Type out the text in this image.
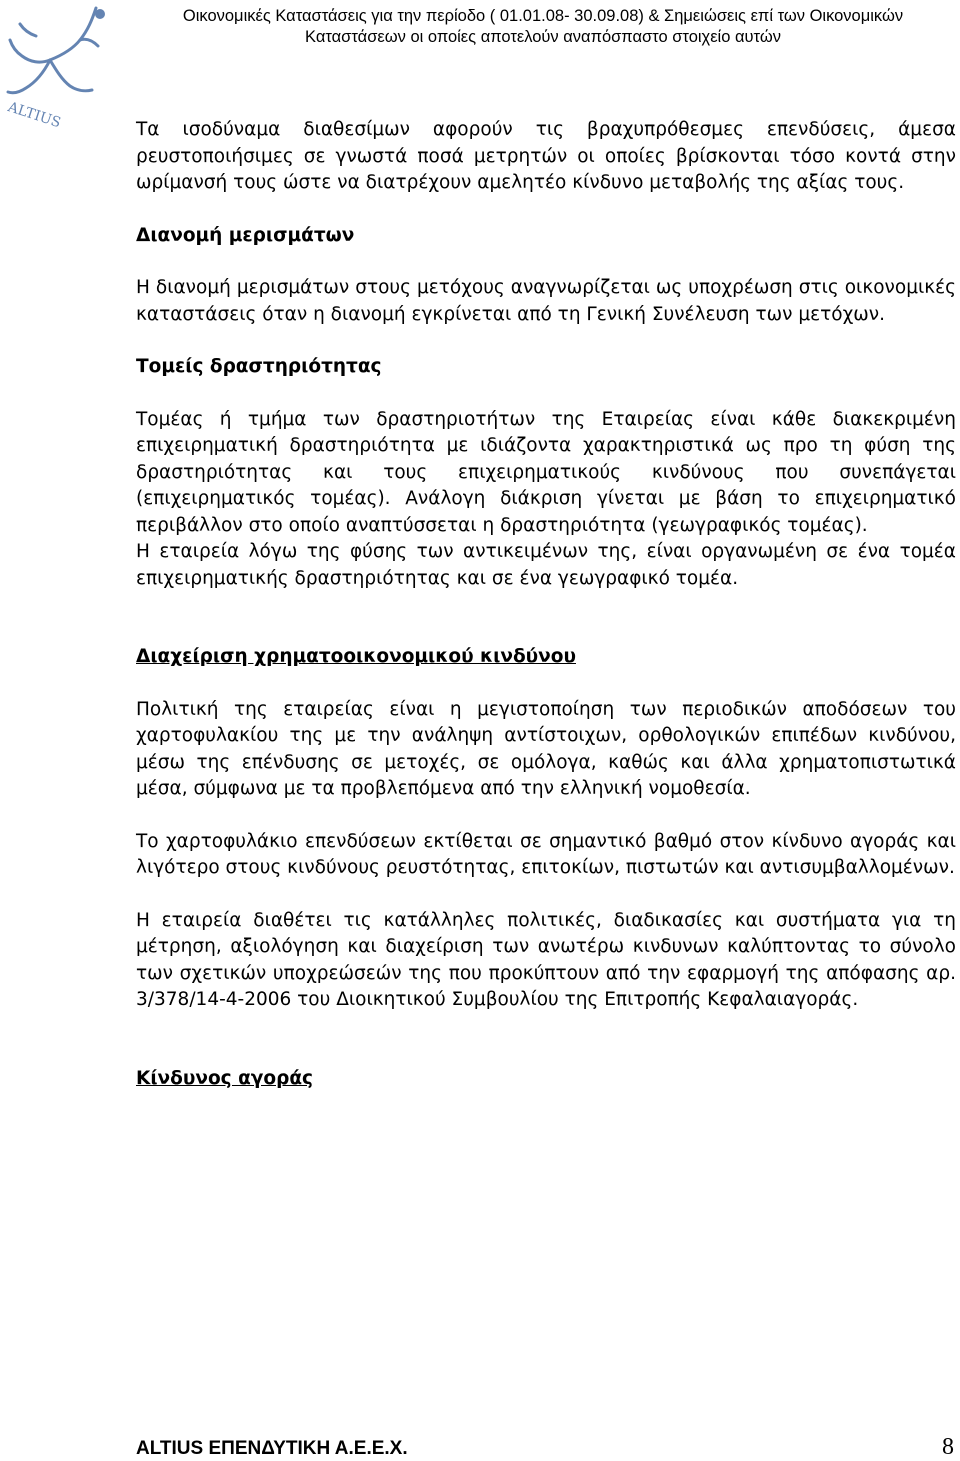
ALTIUS
Οικονομικές Καταστάσεις για την περίοδο ( 01.01.08- 30.09.08) & Σημειώσεις επί των Οικονομικών
Καταστάσεων οι οποίες αποτελούν αναπόσπαστο στοιχείο αυτών

Τα ισοδύναμα διαθεσίμων αφορούν τις βραχυπρόθεσμες επενδύσεις, άμεσα ρευστοποιήσιμες σε γνωστά ποσά μετρητών οι οποίες βρίσκονται τόσο κοντά στην ωρίμανσή τους ώστε να διατρέχουν αμελητέο κίνδυνο μεταβολής της αξίας τους.

Διανομή μερισμάτων

Η διανομή μερισμάτων στους μετόχους αναγνωρίζεται ως υποχρέωση στις οικονομικές καταστάσεις όταν η διανομή εγκρίνεται από τη Γενική Συνέλευση των μετόχων.

Τομείς δραστηριότητας

Τομέας ή τμήμα των δραστηριοτήτων της Εταιρείας είναι κάθε διακεκριμένη επιχειρηματική δραστηριότητα με ιδιάζοντα χαρακτηριστικά ως προ τη φύση της δραστηριότητας και τους επιχειρηματικούς κινδύνους που συνεπάγεται (επιχειρηματικός τομέας). Ανάλογη διάκριση γίνεται με βάση το επιχειρηματικό περιβάλλον στο οποίο αναπτύσσεται η δραστηριότητα (γεωγραφικός τομέας).

Η εταιρεία λόγω της φύσης των αντικειμένων της, είναι οργανωμένη σε ένα τομέα επιχειρηματικής δραστηριότητας και σε ένα γεωγραφικό τομέα.

Διαχείριση χρηματοοικονομικού κινδύνου

Πολιτική της εταιρείας είναι η μεγιστοποίηση των περιοδικών αποδόσεων του χαρτοφυλακίου της με την ανάληψη αντίστοιχων, ορθολογικών επιπέδων κινδύνου, μέσω της επένδυσης σε μετοχές, σε ομόλογα, καθώς και άλλα χρηματοπιστωτικά μέσα, σύμφωνα με τα προβλεπόμενα από την ελληνική νομοθεσία.

Το χαρτοφυλάκιο επενδύσεων εκτίθεται σε σημαντικό βαθμό στον κίνδυνο αγοράς και λιγότερο στους κινδύνους ρευστότητας, επιτοκίων, πιστωτών και αντισυμβαλλομένων.

Η εταιρεία διαθέτει τις κατάλληλες πολιτικές, διαδικασίες και συστήματα για τη μέτρηση, αξιολόγηση και διαχείριση των ανωτέρω κινδυνων καλύπτοντας το σύνολο των σχετικών υποχρεώσεών της που προκύπτουν από την εφαρμογή της απόφασης αρ. 3/378/14-4-2006 του Διοικητικού Συμβουλίου της Επιτροπής Κεφαλαιαγοράς.

Κίνδυνος αγοράς
ALTIUS ΕΠΕΝΔΥΤΙΚΗ Α.Ε.Ε.Χ.	8
